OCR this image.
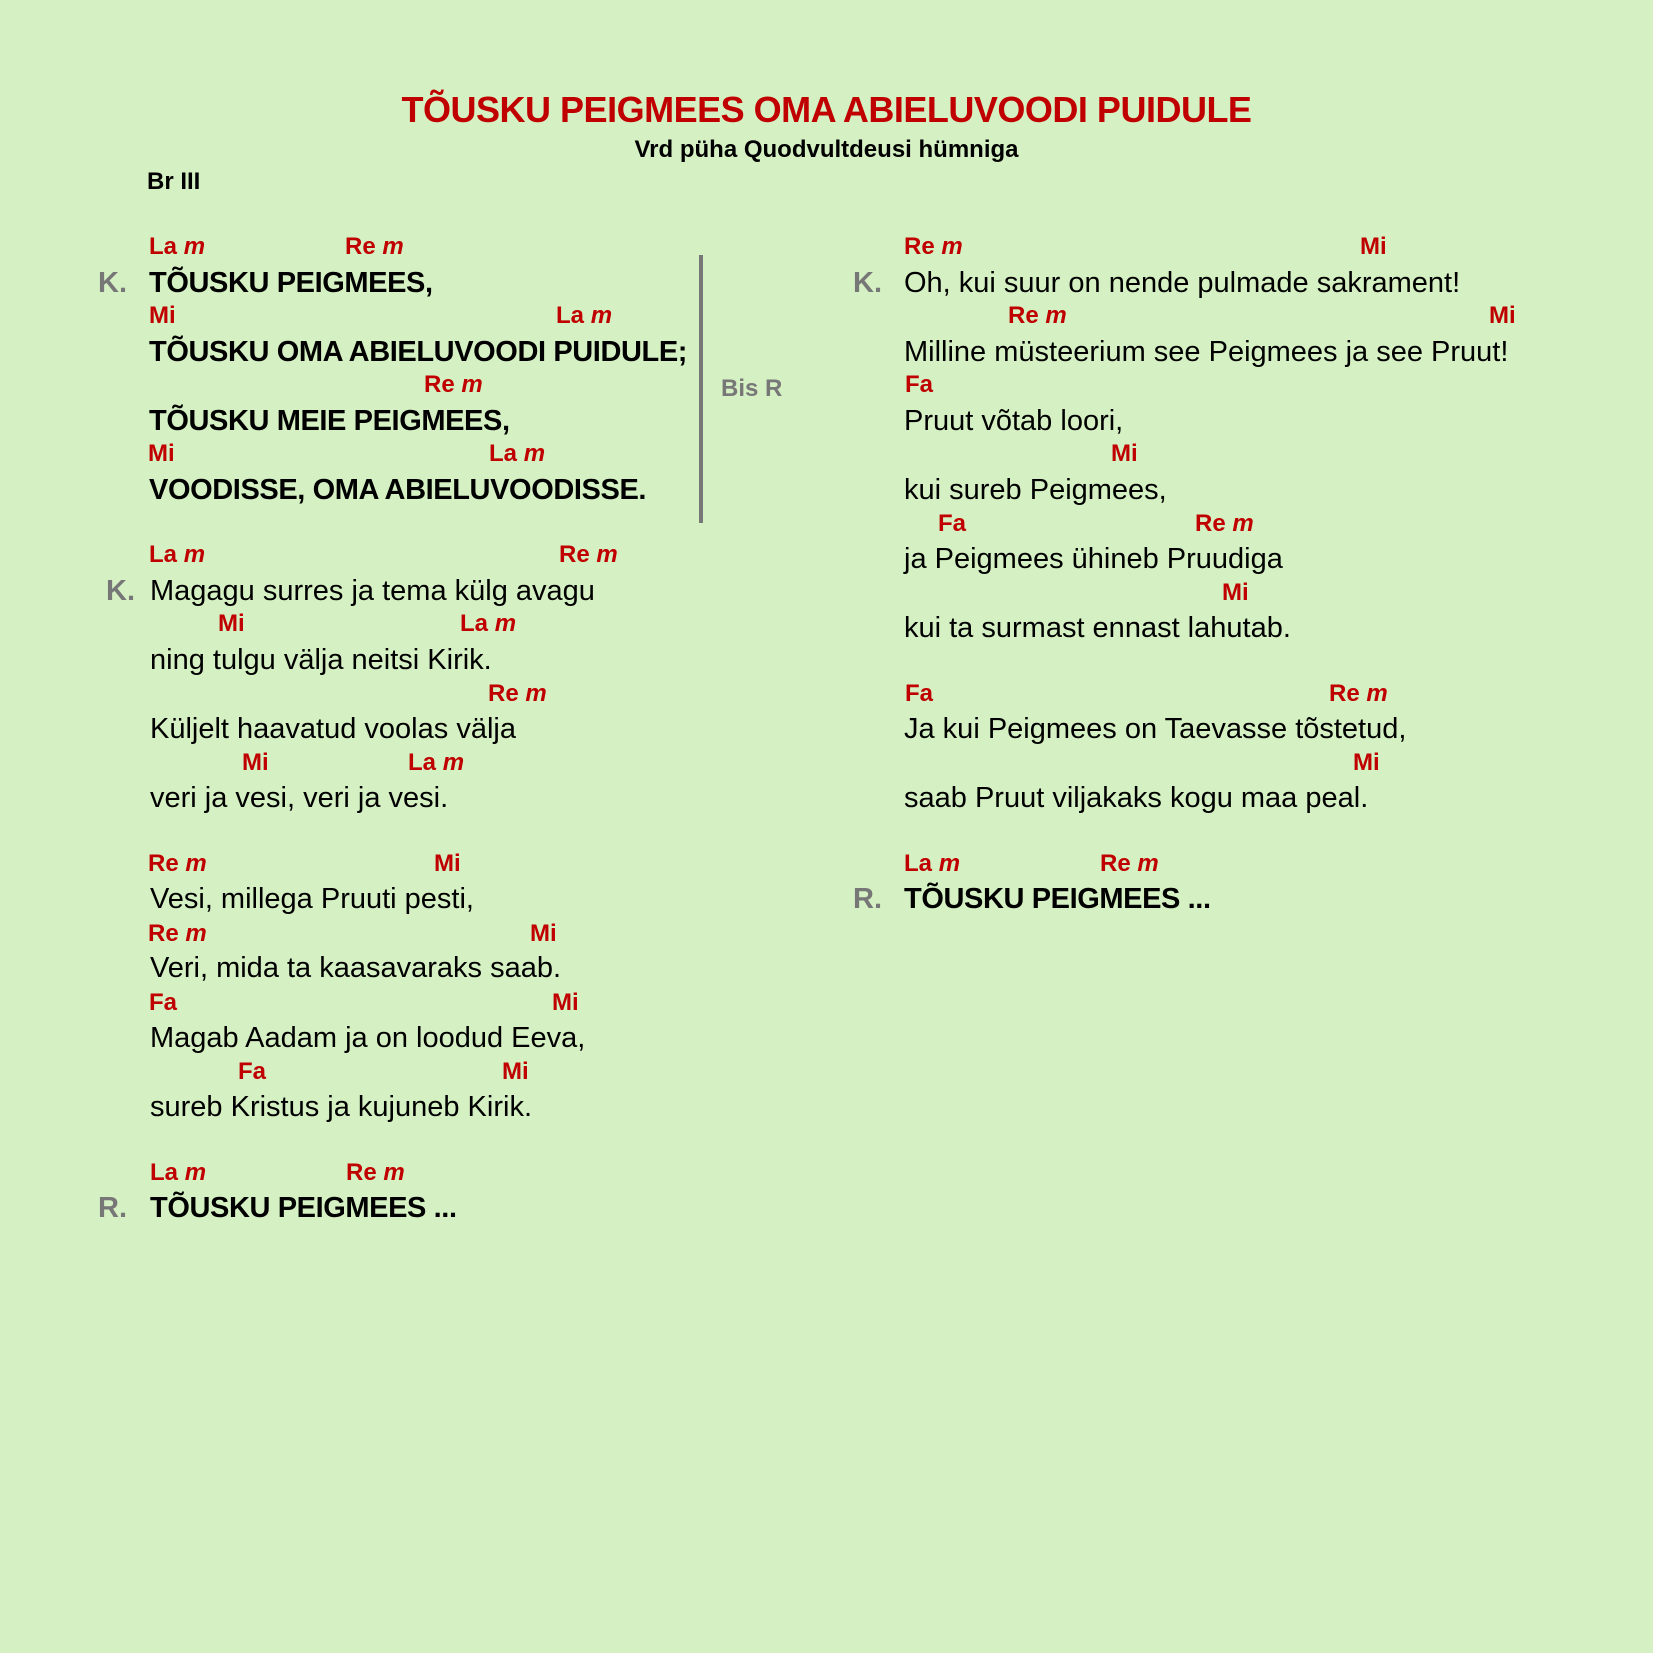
TÕUSKU PEIGMEES OMA ABIELUVOODI PUIDULE
Vrd püha Quodvultdeusi hümniga
Br III
La m	Re m
K. TÕUSKU PEIGMEES,
Mi	La m
TÕUSKU OMA ABIELUVOODI PUIDULE;
Re m
TÕUSKU MEIE PEIGMEES,
Mi	La m
VOODISSE, OMA ABIELUVOODISSE.
Bis R
La m	Re m
K. Magagu surres ja tema külg avagu
Mi	La m
ning tulgu välja neitsi Kirik.
Re m
Küljelt haavatud voolas välja
Mi	La m
veri ja vesi, veri ja vesi.
Re m	Mi
Vesi, millega Pruuti pesti,
Re m	Mi
Veri, mida ta kaasavaraks saab.
Fa	Mi
Magab Aadam ja on loodud Eeva,
Fa	Mi
sureb Kristus ja kujuneb Kirik.
La m	Re m
R. TÕUSKU PEIGMEES ...
Re m	Mi
K. Oh, kui suur on nende pulmade sakrament!
Re m	Mi
Milline müsteerium see Peigmees ja see Pruut!
Fa
Pruut võtab loori,
Mi
kui sureb Peigmees,
Fa	Re m
ja Peigmees ühineb Pruudiga
Mi
kui ta surmast ennast lahutab.
Fa	Re m
Ja kui Peigmees on Taevasse tõstetud,
Mi
saab Pruut viljakaks kogu maa peal.
La m	Re m
R. TÕUSKU PEIGMEES ...
